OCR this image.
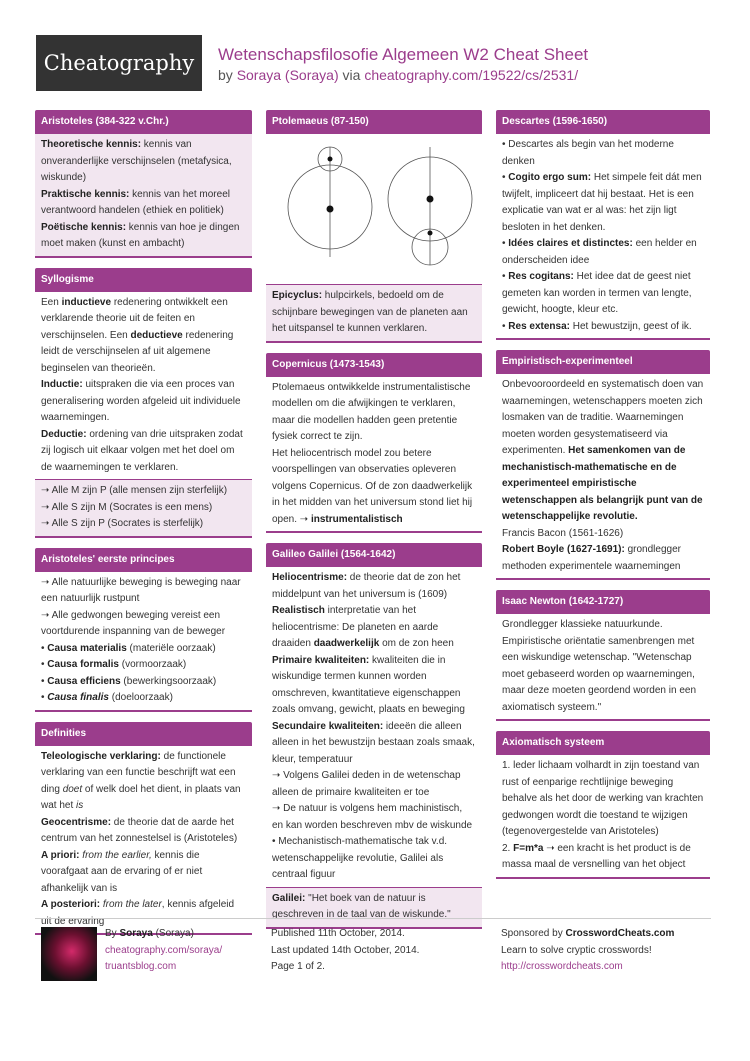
Cheatography	Wetenschapsfilosofie Algemeen W2 Cheat Sheet
by Soraya (Soraya) via cheatography.com/19522/cs/2531/
Aristoteles (384-322 v.Chr.)
Theoretische kennis: kennis van onveranderlijke verschijnselen (metafysica, wiskunde)
Praktische kennis: kennis van het moreel verantwoord handelen (ethiek en politiek)
Poëtische kennis: kennis van hoe je dingen moet maken (kunst en ambacht)
Syllogisme
Een inductieve redenering ontwikkelt een verklarende theorie uit de feiten en verschijnselen. Een deductieve redenering leidt de verschijnselen af uit algemene beginselen van theorieën.
Inductie: uitspraken die via een proces van generalisering worden afgeleid uit individuele waarnemingen.
Deductie: ordening van drie uitspraken zodat zij logisch uit elkaar volgen met het doel om de waarnemingen te verklaren.
➝ Alle M zijn P (alle mensen zijn sterfelijk)
➝ Alle S zijn M (Socrates is een mens)
➝ Alle S zijn P (Socrates is sterfelijk)
Aristoteles' eerste principes
➝ Alle natuurlijke beweging is beweging naar een natuurlijk rustpunt
➝ Alle gedwongen beweging vereist een voortdurende inspanning van de beweger
• Causa materialis (materiële oorzaak)
• Causa formalis (vormoorzaak)
• Causa efficiens (bewerkingsoorzaak)
• Causa finalis (doeloorzaak)
Definities
Teleologische verklaring: de functionele verklaring van een functie beschrijft wat een ding doet of welk doel het dient, in plaats van wat het is
Geocentrisme: de theorie dat de aarde het centrum van het zonnestelsel is (Aristoteles)
A priori: from the earlier, kennis die voorafgaat aan de ervaring of er niet afhankelijk van is
A posteriori: from the later, kennis afgeleid uit de ervaring
Ptolemaeus (87-150)
Epicyclus: hulpcirkels, bedoeld om de schijnbare bewegingen van de planeten aan het uitspansel te kunnen verklaren.
Copernicus (1473-1543)
Ptolemaeus ontwikkelde instrumentalistische modellen om die afwijkingen te verklaren, maar die modellen hadden geen pretentie fysiek correct te zijn.
Het heliocentrisch model zou betere voorspellingen van observaties opleveren volgens Copernicus. Of de zon daadwerkelijk in het midden van het universum stond liet hij open. ➝ instrumentalistisch
Galileo Galilei (1564-1642)
Heliocentrisme: de theorie dat de zon het middelpunt van het universum is (1609)
Realistisch interpretatie van het heliocentrisme: De planeten en aarde draaiden daadwerkelijk om de zon heen
Primaire kwaliteiten: kwaliteiten die in wiskundige termen kunnen worden omschreven, kwantitatieve eigenschappen zoals omvang, gewicht, plaats en beweging
Secundaire kwaliteiten: ideeën die alleen alleen in het bewustzijn bestaan zoals smaak, kleur, temperatuur
➝ Volgens Galilei deden in de wetenschap alleen de primaire kwaliteiten er toe
➝ De natuur is volgens hem machinistisch, en kan worden beschreven mbv de wiskunde
• Mechanistisch-mathematische tak v.d. wetenschappelijke revolutie, Galilei als centraal figuur
Galilei: "Het boek van de natuur is geschreven in de taal van de wiskunde."
Descartes (1596-1650)
• Descartes als begin van het moderne denken
• Cogito ergo sum: Het simpele feit dát men twijfelt, impliceert dat hij bestaat. Het is een explicatie van wat er al was: het zijn ligt besloten in het denken.
• Idées claires et distinctes: een helder en onderscheiden idee
• Res cogitans: Het idee dat de geest niet gemeten kan worden in termen van lengte, gewicht, hoogte, kleur etc.
• Res extensa: Het bewustzijn, geest of ik.
Empiristisch-experimenteel
Onbevooroordeeld en systematisch doen van waarnemingen, wetenschappers moeten zich losmaken van de traditie. Waarnemingen moeten worden gesystematiseerd via experimenten. Het samenkomen van de mechanistisch-mathematische en de experimenteel empiristische wetenschappen als belangrijk punt van de wetenschappelijke revolutie.
Francis Bacon (1561-1626)
Robert Boyle (1627-1691): grondlegger methoden experimentele waarnemingen
Isaac Newton (1642-1727)
Grondlegger klassieke natuurkunde. Empiristische oriëntatie samenbrengen met een wiskundige wetenschap. "Wetenschap moet gebaseerd worden op waarnemingen, maar deze moeten geordend worden in een axiomatisch systeem."
Axiomatisch systeem
1. leder lichaam volhardt in zijn toestand van rust of eenparige rechtlijnige beweging behalve als het door de werking van krachten gedwongen wordt die toestand te wijzigen (tegenovergestelde van Aristoteles)
2. F=m*a ➝ een kracht is het product is de massa maal de versnelling van het object
By Soraya (Soraya)
cheatography.com/soraya/
truantsblog.com
Published 11th October, 2014.
Last updated 14th October, 2014.
Page 1 of 2.
Sponsored by CrosswordCheats.com
Learn to solve cryptic crosswords!
http://crosswordcheats.com
